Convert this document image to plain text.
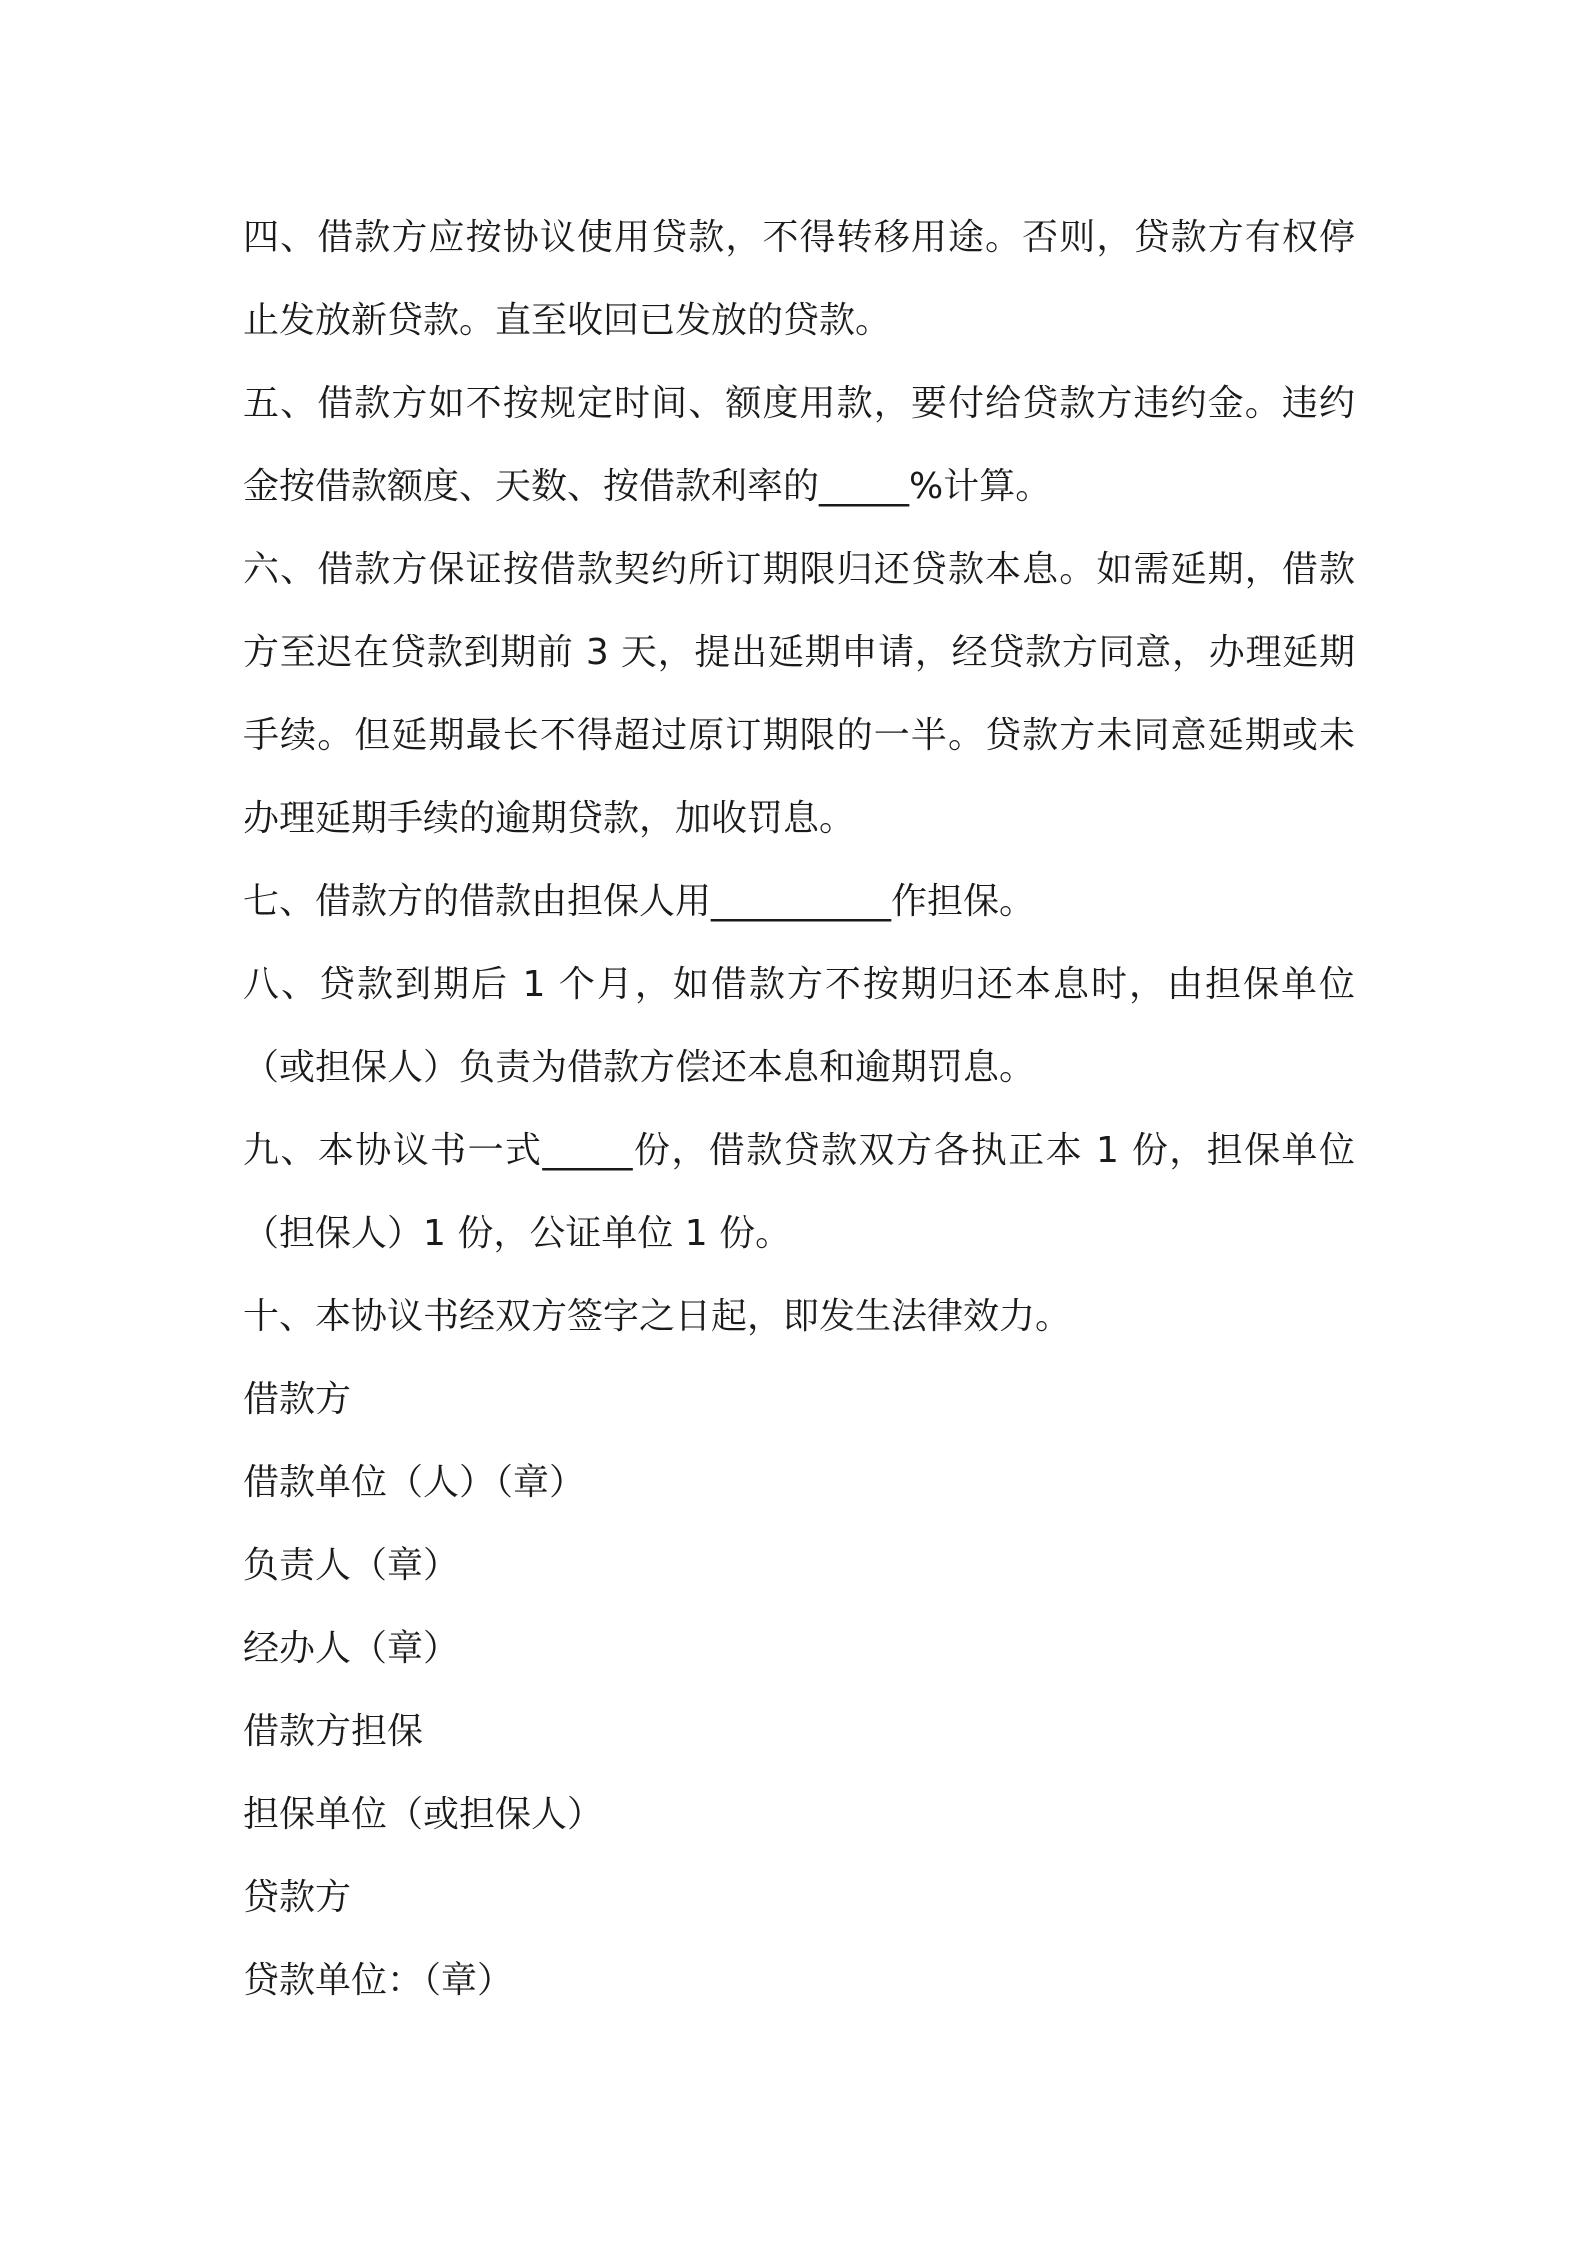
四、借款方应按协议使用贷款，不得转移用途。否则，贷款方有权停止发放新贷款。直至收回已发放的贷款。

五、借款方如不按规定时间、额度用款，要付给贷款方违约金。违约金按借款额度、天数、按借款利率的_____%计算。

六、借款方保证按借款契约所订期限归还贷款本息。如需延期，借款方至迟在贷款到期前 3 天，提出延期申请，经贷款方同意，办理延期手续。但延期最长不得超过原订期限的一半。贷款方未同意延期或未办理延期手续的逾期贷款，加收罚息。

七、借款方的借款由担保人用__________作担保。

八、贷款到期后 1 个月，如借款方不按期归还本息时，由担保单位（或担保人）负责为借款方偿还本息和逾期罚息。

九、本协议书一式_____份，借款贷款双方各执正本 1 份，担保单位（担保人）1 份，公证单位 1 份。

十、本协议书经双方签字之日起，即发生法律效力。

借款方

借款单位（人）（章）

负责人（章）

经办人（章）

借款方担保

担保单位（或担保人）

贷款方

贷款单位：（章）
